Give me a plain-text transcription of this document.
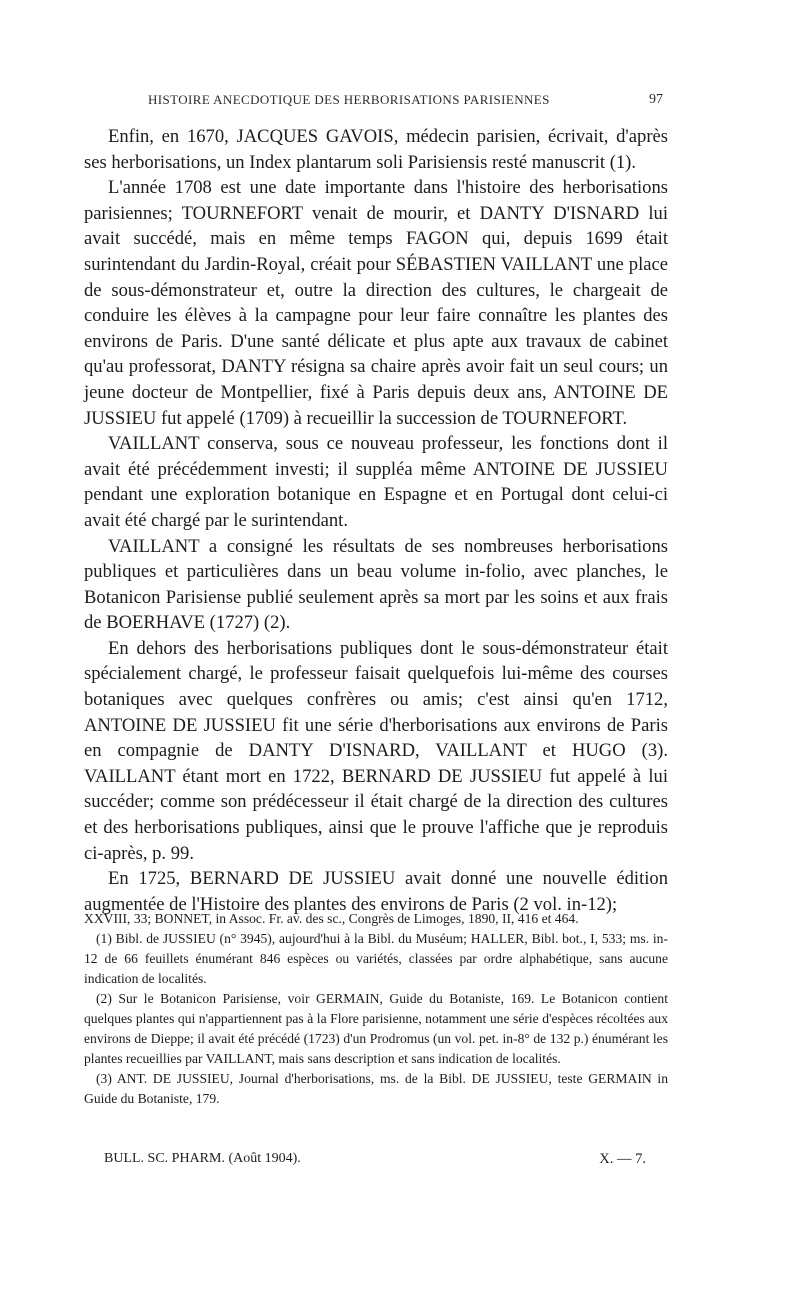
HISTOIRE ANECDOTIQUE DES HERBORISATIONS PARISIENNES	97

Enfin, en 1670, JACQUES GAVOIS, médecin parisien, écrivait, d'après ses herborisations, un Index plantarum soli Parisiensis resté manuscrit (1).

L'année 1708 est une date importante dans l'histoire des herborisations parisiennes; TOURNEFORT venait de mourir, et DANTY D'ISNARD lui avait succédé, mais en même temps FAGON qui, depuis 1699 était surintendant du Jardin-Royal, créait pour SÉBASTIEN VAILLANT une place de sous-démonstrateur et, outre la direction des cultures, le chargeait de conduire les élèves à la campagne pour leur faire connaître les plantes des environs de Paris. D'une santé délicate et plus apte aux travaux de cabinet qu'au professorat, DANTY résigna sa chaire après avoir fait un seul cours; un jeune docteur de Montpellier, fixé à Paris depuis deux ans, ANTOINE DE JUSSIEU fut appelé (1709) à recueillir la succession de TOURNEFORT.

VAILLANT conserva, sous ce nouveau professeur, les fonctions dont il avait été précédemment investi; il suppléa même ANTOINE DE JUSSIEU pendant une exploration botanique en Espagne et en Portugal dont celui-ci avait été chargé par le surintendant.

VAILLANT a consigné les résultats de ses nombreuses herborisations publiques et particulières dans un beau volume in-folio, avec planches, le Botanicon Parisiense publié seulement après sa mort par les soins et aux frais de BOERHAVE (1727) (2).

En dehors des herborisations publiques dont le sous-démonstrateur était spécialement chargé, le professeur faisait quelquefois lui-même des courses botaniques avec quelques confrères ou amis; c'est ainsi qu'en 1712, ANTOINE DE JUSSIEU fit une série d'herborisations aux environs de Paris en compagnie de DANTY D'ISNARD, VAILLANT et HUGO (3). VAILLANT étant mort en 1722, BERNARD DE JUSSIEU fut appelé à lui succéder; comme son prédécesseur il était chargé de la direction des cultures et des herborisations publiques, ainsi que le prouve l'affiche que je reproduis ci-après, p. 99.

En 1725, BERNARD DE JUSSIEU avait donné une nouvelle édition augmentée de l'Histoire des plantes des environs de Paris (2 vol. in-12);

XXVIII, 33; BONNET, in Assoc. Fr. av. des sc., Congrès de Limoges, 1890, II, 416 et 464.

(1) Bibl. de JUSSIEU (n° 3945), aujourd'hui à la Bibl. du Muséum; HALLER, Bibl. bot., I, 533; ms. in-12 de 66 feuillets énumérant 846 espèces ou variétés, classées par ordre alphabétique, sans aucune indication de localités.

(2) Sur le Botanicon Parisiense, voir GERMAIN, Guide du Botaniste, 169. Le Botanicon contient quelques plantes qui n'appartiennent pas à la Flore parisienne, notamment une série d'espèces récoltées aux environs de Dieppe; il avait été précédé (1723) d'un Prodromus (un vol. pet. in-8° de 132 p.) énumérant les plantes recueillies par VAILLANT, mais sans description et sans indication de localités.

(3) ANT. DE JUSSIEU, Journal d'herborisations, ms. de la Bibl. DE JUSSIEU, teste GERMAIN in Guide du Botaniste, 179.

BULL. SC. PHARM. (Août 1904).	X. — 7.
